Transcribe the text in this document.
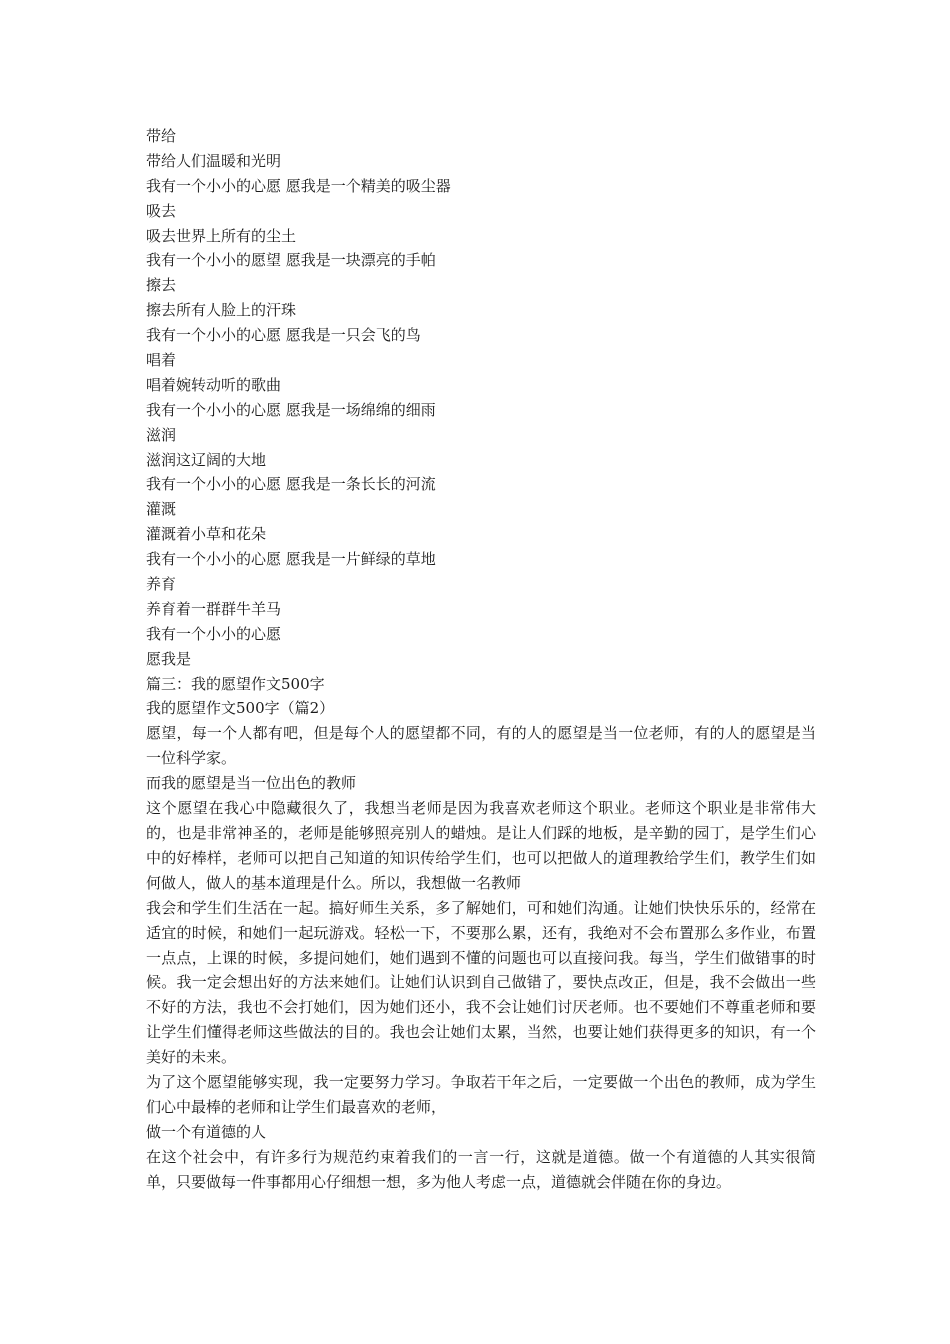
带给
带给人们温暖和光明
我有一个小小的心愿 愿我是一个精美的吸尘器
吸去
吸去世界上所有的尘土
我有一个小小的愿望 愿我是一块漂亮的手帕
擦去
擦去所有人脸上的汗珠
我有一个小小的心愿 愿我是一只会飞的鸟
唱着
唱着婉转动听的歌曲
我有一个小小的心愿 愿我是一场绵绵的细雨
滋润
滋润这辽阔的大地
我有一个小小的心愿 愿我是一条长长的河流
灌溉
灌溉着小草和花朵
我有一个小小的心愿 愿我是一片鲜绿的草地
养育
养育着一群群牛羊马
我有一个小小的心愿
愿我是
篇三：我的愿望作文500字
我的愿望作文500字（篇2）
愿望，每一个人都有吧，但是每个人的愿望都不同，有的人的愿望是当一位老师，有的人的愿望是当一位科学家。
而我的愿望是当一位出色的教师
这个愿望在我心中隐藏很久了，我想当老师是因为我喜欢老师这个职业。老师这个职业是非常伟大的，也是非常神圣的，老师是能够照亮别人的蜡烛。是让人们踩的地板，是辛勤的园丁，是学生们心中的好棒样，老师可以把自己知道的知识传给学生们，也可以把做人的道理教给学生们，教学生们如何做人，做人的基本道理是什么。所以，我想做一名教师
我会和学生们生活在一起。搞好师生关系，多了解她们，可和她们沟通。让她们快快乐乐的，经常在适宜的时候，和她们一起玩游戏。轻松一下，不要那么累，还有，我绝对不会布置那么多作业，布置一点点，上课的时候，多提问她们，她们遇到不懂的问题也可以直接问我。每当，学生们做错事的时候。我一定会想出好的方法来她们。让她们认识到自己做错了，要快点改正，但是，我不会做出一些不好的方法，我也不会打她们，因为她们还小，我不会让她们讨厌老师。也不要她们不尊重老师和要让学生们懂得老师这些做法的目的。我也会让她们太累，当然，也要让她们获得更多的知识，有一个美好的未来。
为了这个愿望能够实现，我一定要努力学习。争取若干年之后，一定要做一个出色的教师，成为学生们心中最棒的老师和让学生们最喜欢的老师，
做一个有道德的人
在这个社会中，有许多行为规范约束着我们的一言一行，这就是道德。做一个有道德的人其实很简单，只要做每一件事都用心仔细想一想，多为他人考虑一点，道德就会伴随在你的身边。
